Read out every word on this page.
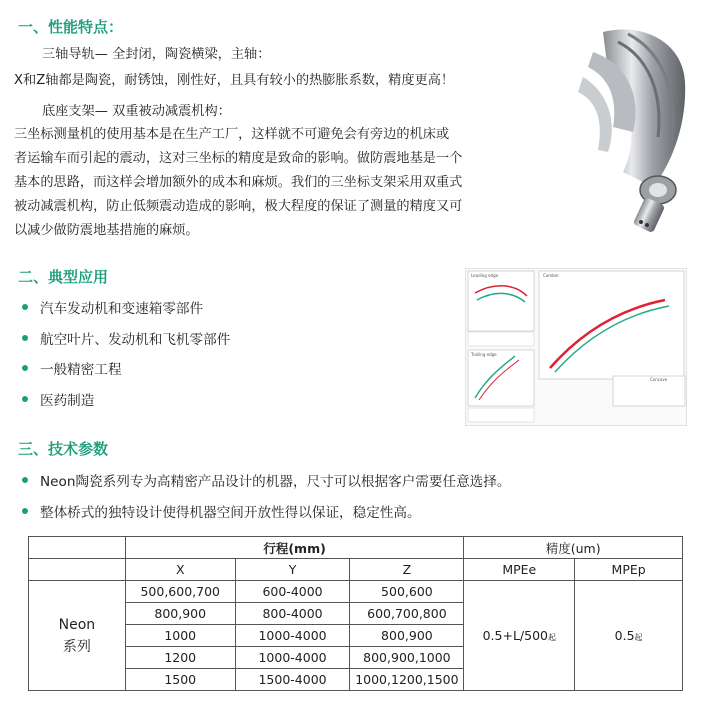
一、性能特点：
三轴导轨— 全封闭，陶瓷横梁，主轴：
X和Z轴都是陶瓷，耐锈蚀，刚性好，且具有较小的热膨胀系数，精度更高！
底座支架— 双重被动减震机构：
三坐标测量机的使用基本是在生产工厂，这样就不可避免会有旁边的机床或
者运输车而引起的震动，这对三坐标的精度是致命的影响。做防震地基是一个
基本的思路，而这样会增加额外的成本和麻烦。我们的三坐标支架采用双重式
被动减震机构，防止低频震动造成的影响，极大程度的保证了测量的精度又可
以减少做防震地基措施的麻烦。
二、典型应用
汽车发动机和变速箱零部件
航空叶片、发动机和飞机零部件
一般精密工程
医药制造
Leading edge
Trailing edge
Camber
Concave
三、技术参数
Neon陶瓷系列专为高精密产品设计的机器，尺寸可以根据客户需要任意选择。
整体桥式的独特设计使得机器空间开放性得以保证，稳定性高。
	行程(mm)			精度(um)	
	X	Y	Z	MPEe	MPEp
Neon
系列	500,600,700	600-4000	500,600	0.5+L/500起	0.5起
	800,900	800-4000	600,700,800		
	1000	1000-4000	800,900		
	1200	1000-4000	800,900,1000		
	1500	1500-4000	1000,1200,1500		
